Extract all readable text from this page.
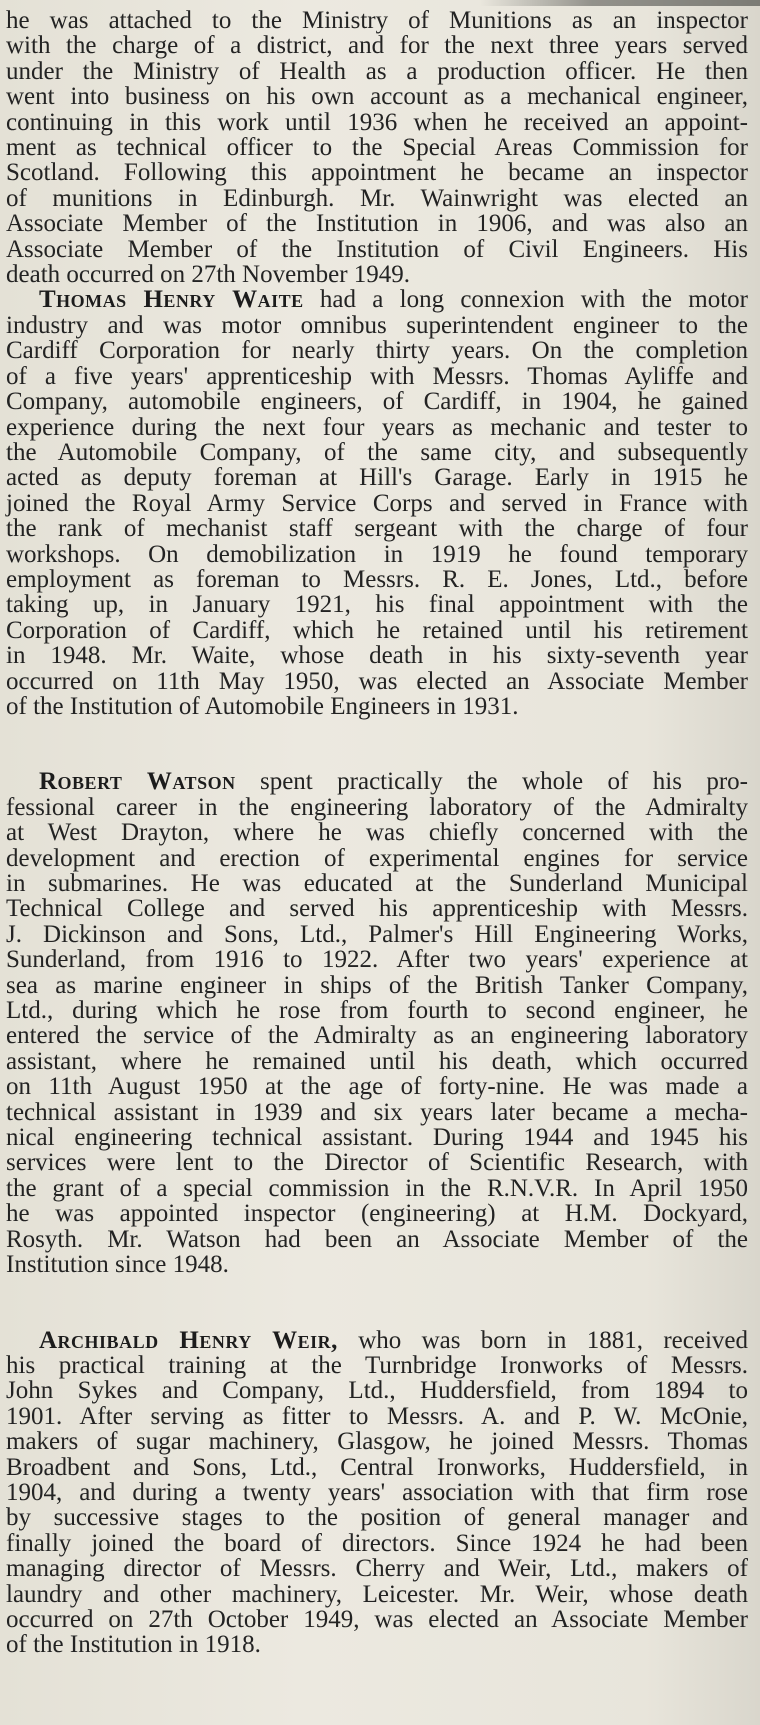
he was attached to the Ministry of Munitions as an inspector
with the charge of a district, and for the next three years served
under the Ministry of Health as a production officer. He then
went into business on his own account as a mechanical engineer,
continuing in this work until 1936 when he received an appoint-
ment as technical officer to the Special Areas Commission for
Scotland. Following this appointment he became an inspector
of munitions in Edinburgh. Mr. Wainwright was elected an
Associate Member of the Institution in 1906, and was also an
Associate Member of the Institution of Civil Engineers. His
death occurred on 27th November 1949.

Thomas Henry Waite had a long connexion with the motor
industry and was motor omnibus superintendent engineer to the
Cardiff Corporation for nearly thirty years. On the completion
of a five years' apprenticeship with Messrs. Thomas Ayliffe and
Company, automobile engineers, of Cardiff, in 1904, he gained
experience during the next four years as mechanic and tester to
the Automobile Company, of the same city, and subsequently
acted as deputy foreman at Hill's Garage. Early in 1915 he
joined the Royal Army Service Corps and served in France with
the rank of mechanist staff sergeant with the charge of four
workshops. On demobilization in 1919 he found temporary
employment as foreman to Messrs. R. E. Jones, Ltd., before
taking up, in January 1921, his final appointment with the
Corporation of Cardiff, which he retained until his retirement
in 1948. Mr. Waite, whose death in his sixty-seventh year
occurred on 11th May 1950, was elected an Associate Member
of the Institution of Automobile Engineers in 1931.

Robert Watson spent practically the whole of his pro-
fessional career in the engineering laboratory of the Admiralty
at West Drayton, where he was chiefly concerned with the
development and erection of experimental engines for service
in submarines. He was educated at the Sunderland Municipal
Technical College and served his apprenticeship with Messrs.
J. Dickinson and Sons, Ltd., Palmer's Hill Engineering Works,
Sunderland, from 1916 to 1922. After two years' experience at
sea as marine engineer in ships of the British Tanker Company,
Ltd., during which he rose from fourth to second engineer, he
entered the service of the Admiralty as an engineering laboratory
assistant, where he remained until his death, which occurred
on 11th August 1950 at the age of forty-nine. He was made a
technical assistant in 1939 and six years later became a mecha-
nical engineering technical assistant. During 1944 and 1945 his
services were lent to the Director of Scientific Research, with
the grant of a special commission in the R.N.V.R. In April 1950
he was appointed inspector (engineering) at H.M. Dockyard,
Rosyth. Mr. Watson had been an Associate Member of the
Institution since 1948.

Archibald Henry Weir, who was born in 1881, received
his practical training at the Turnbridge Ironworks of Messrs.
John Sykes and Company, Ltd., Huddersfield, from 1894 to
1901. After serving as fitter to Messrs. A. and P. W. McOnie,
makers of sugar machinery, Glasgow, he joined Messrs. Thomas
Broadbent and Sons, Ltd., Central Ironworks, Huddersfield, in
1904, and during a twenty years' association with that firm rose
by successive stages to the position of general manager and
finally joined the board of directors. Since 1924 he had been
managing director of Messrs. Cherry and Weir, Ltd., makers of
laundry and other machinery, Leicester. Mr. Weir, whose death
occurred on 27th October 1949, was elected an Associate Member
of the Institution in 1918.
